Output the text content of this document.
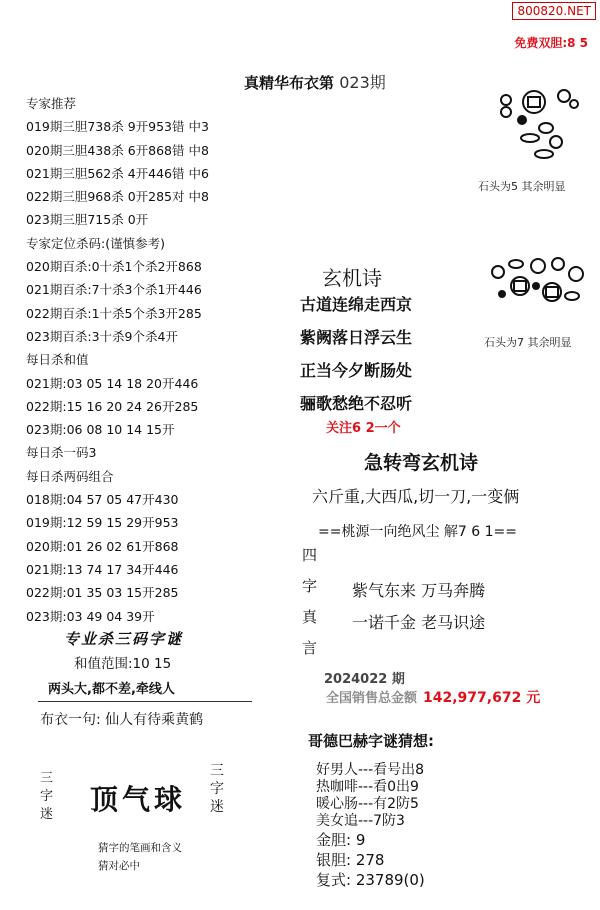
800820.NET
免费双胆:8 5
真精华布衣第 023期
专家推荐
019期三胆738杀 9开953错 中3
020期三胆438杀 6开868错 中8
021期三胆562杀 4开446错 中6
022期三胆968杀 0开285对 中8
023期三胆715杀 0开
专家定位杀码:(谨慎参考)
020期百杀:0十杀1个杀2开868
021期百杀:7十杀3个杀1开446
022期百杀:1十杀5个杀3开285
023期百杀:3十杀9个杀4开
每日杀和值
021期:03 05 14 18 20开446
022期:15 16 20 24 26开285
023期:06 08 10 14 15开
每日杀一码3
每日杀两码组合
018期:04 57 05 47开430
019期:12 59 15 29开953
020期:01 26 02 61开868
021期:13 74 17 34开446
022期:01 35 03 15开285
023期:03 49 04 39开
专业杀三码字谜
和值范围:10 15
两头大,都不差,牵线人
布衣一句: 仙人有待乘黄鹤
三
字
迷 顶气球
三
字
迷
猜字的笔画和含义
猜对必中
石头为5 其余明显
石头为7 其余明显
玄机诗
古道连绵走西京
紫阙落日浮云生
正当今夕断肠处
骊歌愁绝不忍听
关注6 2一个
急转弯玄机诗
六斤重,大西瓜,切一刀,一变俩
==桃源一向绝风尘 解7 6 1==
四
字
真
言
紫气东来 万马奔腾
一诺千金 老马识途
2024022 期
全国销售总金额 142,977,672 元
哥德巴赫字谜猜想:
好男人---看号出8
热咖啡---看0出9
暖心肠---有2防5
美女追---7防3
金胆: 9
银胆: 278
复式: 23789(0)
